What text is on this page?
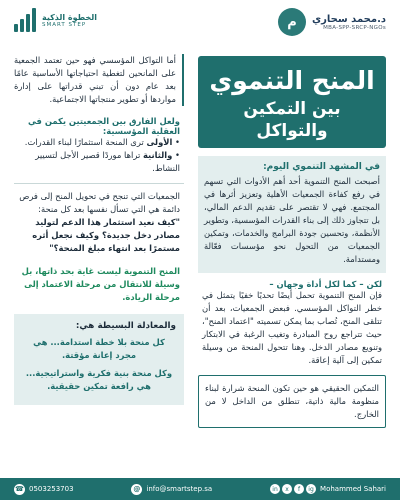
د.محمد سحاري
MBA-SPP-SRCP-NGOs
م
الخطوة الذكية
SMART STEP
المنح التنموي
بين التمكين والتواكل
في المشهد التنموي اليوم:
أصبحت المنح التنموية أحد أهم الأدوات التي تسهم في رفع كفاءة الجمعيات الأهلية وتعزيز أثرها في المجتمع. فهي لا تقتصر على تقديم الدعم المالي، بل تتجاوز ذلك إلى بناء القدرات المؤسسية، وتطوير الأنظمة، وتحسين جودة البرامج والخدمات، وتمكين الجمعيات من التحول نحو مؤسسات فعّالة ومستدامة.
لكن – كما لكل أداة وجهان –
فإن المنح التنموية تحمل أيضًا تحديًا خفيًا يتمثل في خطر التواكل المؤسسي. فبعض الجمعيات، بعد أن تتلقى المنح، تُصاب بما يمكن تسميته "اعتماد المنح"، حيث تتراجع روح المبادرة وتغيب الرغبة في الابتكار وتنويع مصادر الدخل. وهنا تتحول المنحة من وسيلة تمكين إلى آلية إعاقة.
التمكين الحقيقي هو حين تكون المنحة شرارة لبناء منظومة مالية ذاتية، تنطلق من الداخل لا من الخارج.
أما التواكل المؤسسي فهو حين تعتمد الجمعية على المانحين لتغطية احتياجاتها الأساسية عامًا بعد عام دون أن تبني قدراتها على إدارة مواردها أو تطوير منتجاتها الاجتماعية.
ولعل الفارق بين الجمعيتين يكمن في العقلية المؤسسية:
• الأولى ترى المنحة استثمارًا لبناء القدرات.
• والثانية تراها موردًا قصير الأجل لتسيير النشاط.
الجمعيات التي تنجح في تحويل المنح إلى فرص دائمة هي التي تسأل نفسها بعد كل منحة:
"كيف نعيد استثمار هذا الدعم لتوليد مصادر دخل جديدة؟ وكيف نجعل أثره مستمرًا بعد انتهاء مبلغ المنحة؟"
المنح التنموية ليست غاية بحد ذاتها، بل وسيلة للانتقال من مرحلة الاعتماد إلى مرحلة الريادة.
والمعادلة البسيطة هي:
كل منحة بلا خطة استدامة... هي مجرد إعانة مؤقتة.
وكل منحة بنية فكرية واستراتيجية... هي رافعة تمكين حقيقية.
☎ 0503253703	@ info@smartstep.sa	in	x	f	ig Mohammed Sahari
